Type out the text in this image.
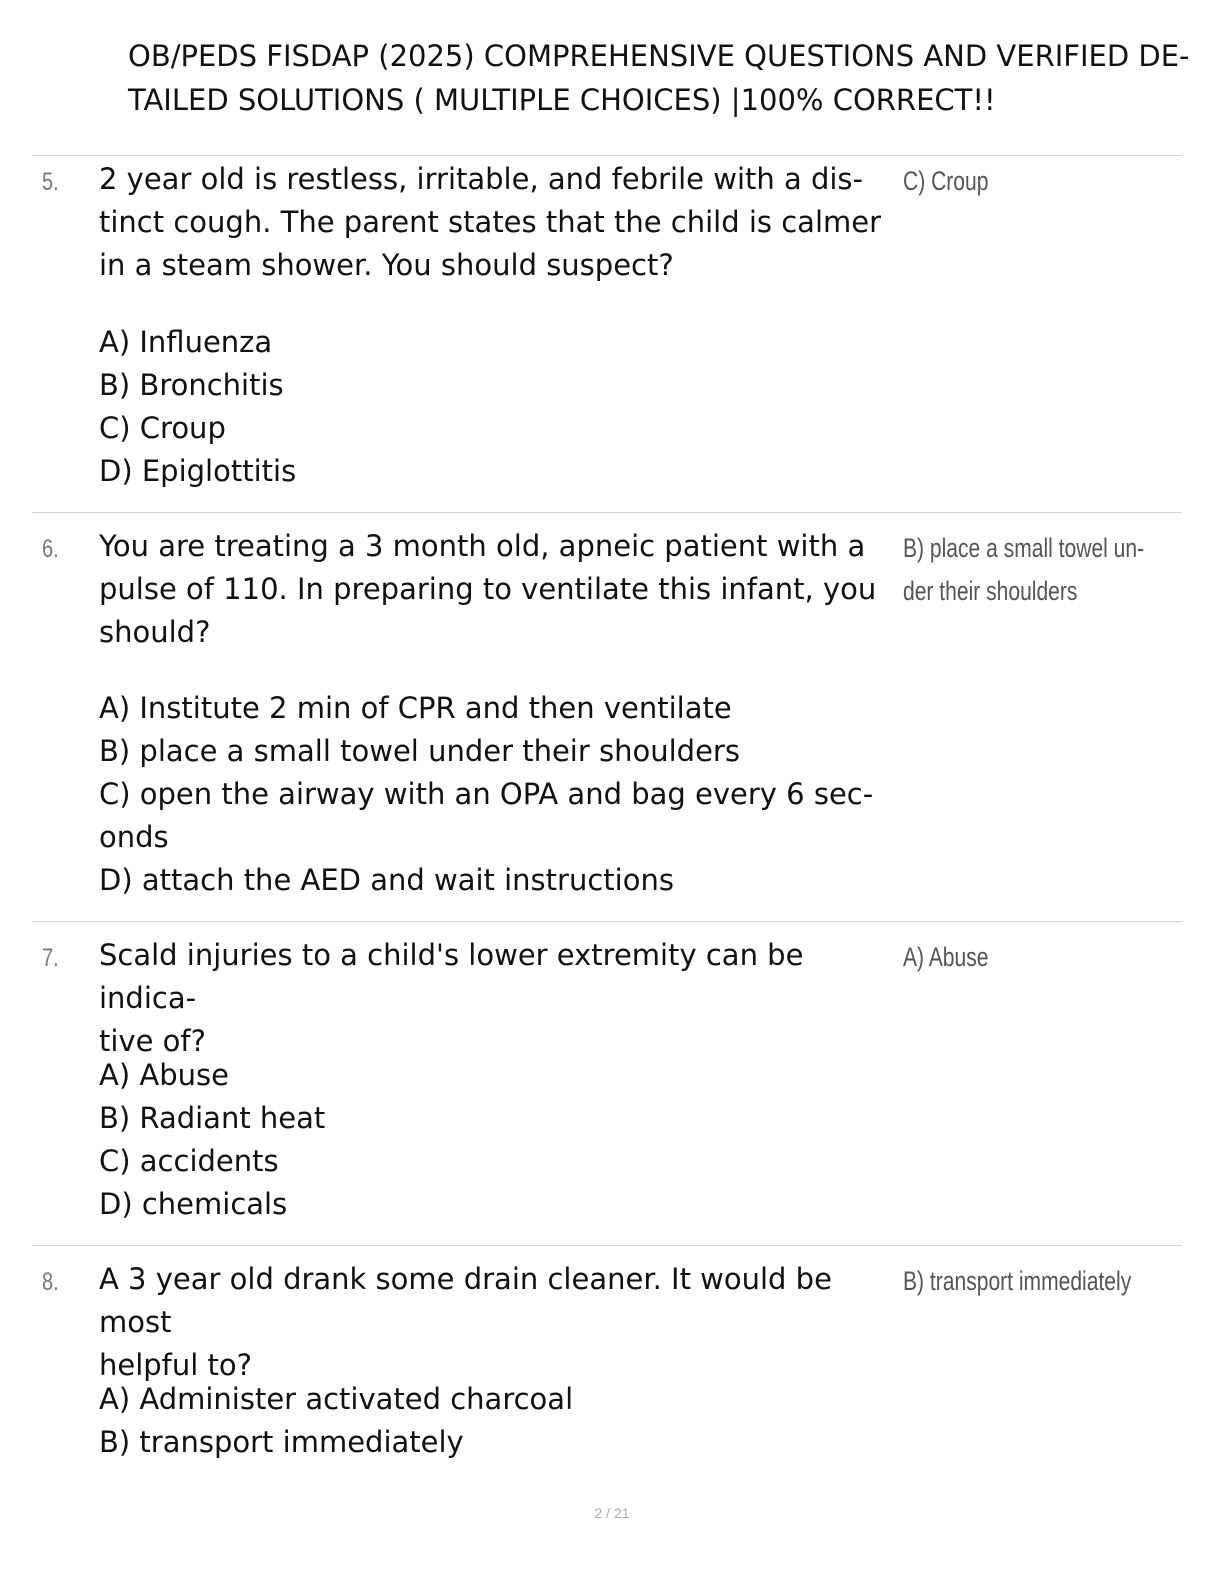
OB/PEDS FISDAP (2025) COMPREHENSIVE QUESTIONS AND VERIFIED DE-
TAILED SOLUTIONS ( MULTIPLE CHOICES) |100% CORRECT!!
5. 2 year old is restless, irritable, and febrile with a dis-
tinct cough. The parent states that the child is calmer
in a steam shower. You should suspect?
C) Croup
A) Influenza
B) Bronchitis
C) Croup
D) Epiglottitis
6. You are treating a 3 month old, apneic patient with a
pulse of 110. In preparing to ventilate this infant, you
should?
B) place a small towel un-
der their shoulders
A) Institute 2 min of CPR and then ventilate
B) place a small towel under their shoulders
C) open the airway with an OPA and bag every 6 sec-
onds
D) attach the AED and wait instructions
7. Scald injuries to a child's lower extremity can be indica-
tive of?
A) Abuse
A) Abuse
B) Radiant heat
C) accidents
D) chemicals
8. A 3 year old drank some drain cleaner. It would be most
helpful to?
B) transport immediately
A) Administer activated charcoal
B) transport immediately
2 / 21
